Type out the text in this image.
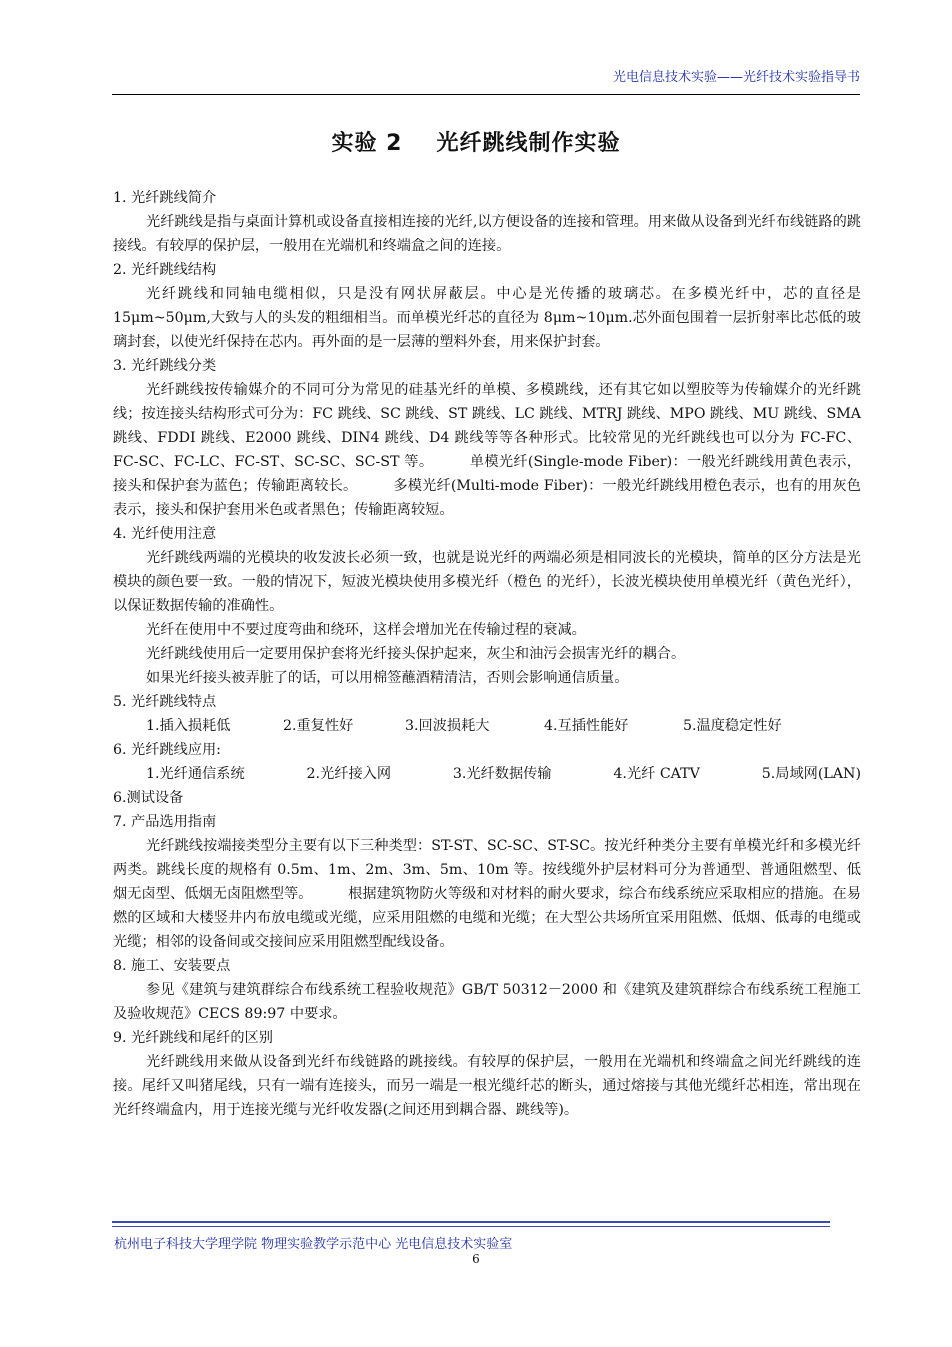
光电信息技术实验——光纤技术实验指导书
实验 2 光纤跳线制作实验

1. 光纤跳线简介

光纤跳线是指与桌面计算机或设备直接相连接的光纤,以方便设备的连接和管理。用来做从设备到光纤布线链路的跳接线。有较厚的保护层，一般用在光端机和终端盒之间的连接。

2. 光纤跳线结构

光纤跳线和同轴电缆相似，只是没有网状屏蔽层。中心是光传播的玻璃芯。在多模光纤中，芯的直径是 15μm~50μm,大致与人的头发的粗细相当。而单模光纤芯的直径为 8μm~10μm.芯外面包围着一层折射率比芯低的玻璃封套，以使光纤保持在芯内。再外面的是一层薄的塑料外套，用来保护封套。

3. 光纤跳线分类

光纤跳线按传输媒介的不同可分为常见的硅基光纤的单模、多模跳线，还有其它如以塑胶等为传输媒介的光纤跳线；按连接头结构形式可分为：FC 跳线、SC 跳线、ST 跳线、LC 跳线、MTRJ 跳线、MPO 跳线、MU 跳线、SMA 跳线、FDDI 跳线、E2000 跳线、DIN4 跳线、D4 跳线等等各种形式。比较常见的光纤跳线也可以分为 FC-FC、FC-SC、FC-LC、FC-ST、SC-SC、SC-ST 等。　　　单模光纤(Single-mode Fiber)：一般光纤跳线用黄色表示，接头和保护套为蓝色；传输距离较长。　　　多模光纤(Multi-mode Fiber)：一般光纤跳线用橙色表示，也有的用灰色表示，接头和保护套用米色或者黑色；传输距离较短。

4. 光纤使用注意

光纤跳线两端的光模块的收发波长必须一致，也就是说光纤的两端必须是相同波长的光模块，简单的区分方法是光模块的颜色要一致。一般的情况下，短波光模块使用多模光纤（橙色 的光纤），长波光模块使用单模光纤（黄色光纤），以保证数据传输的准确性。

光纤在使用中不要过度弯曲和绕环，这样会增加光在传输过程的衰减。

光纤跳线使用后一定要用保护套将光纤接头保护起来，灰尘和油污会损害光纤的耦合。

如果光纤接头被弄脏了的话，可以用棉签蘸酒精清洁，否则会影响通信质量。

5. 光纤跳线特点

1.插入损耗低	2.重复性好	3.回波损耗大	4.互插性能好	5.温度稳定性好

6. 光纤跳线应用:

1.光纤通信系统	2.光纤接入网	3.光纤数据传输	4.光纤 CATV	5.局域网(LAN)

6.测试设备

7. 产品选用指南

光纤跳线按端接类型分主要有以下三种类型：ST-ST、SC-SC、ST-SC。按光纤种类分主要有单模光纤和多模光纤两类。跳线长度的规格有 0.5m、1m、2m、3m、5m、10m 等。按线缆外护层材料可分为普通型、普通阻燃型、低烟无卤型、低烟无卤阻燃型等。　　　根据建筑物防火等级和对材料的耐火要求，综合布线系统应采取相应的措施。在易燃的区域和大楼竖井内布放电缆或光缆，应采用阻燃的电缆和光缆；在大型公共场所宜采用阻燃、低烟、低毒的电缆或光缆；相邻的设备间或交接间应采用阻燃型配线设备。

8. 施工、安装要点

参见《建筑与建筑群综合布线系统工程验收规范》GB/T 50312－2000 和《建筑及建筑群综合布线系统工程施工及验收规范》CECS 89:97 中要求。

9. 光纤跳线和尾纤的区别

光纤跳线用来做从设备到光纤布线链路的跳接线。有较厚的保护层，一般用在光端机和终端盒之间光纤跳线的连接。尾纤又叫猪尾线，只有一端有连接头，而另一端是一根光缆纤芯的断头，通过熔接与其他光缆纤芯相连，常出现在光纤终端盒内，用于连接光缆与光纤收发器(之间还用到耦合器、跳线等)。

杭州电子科技大学理学院 物理实验教学示范中心 光电信息技术实验室
6
